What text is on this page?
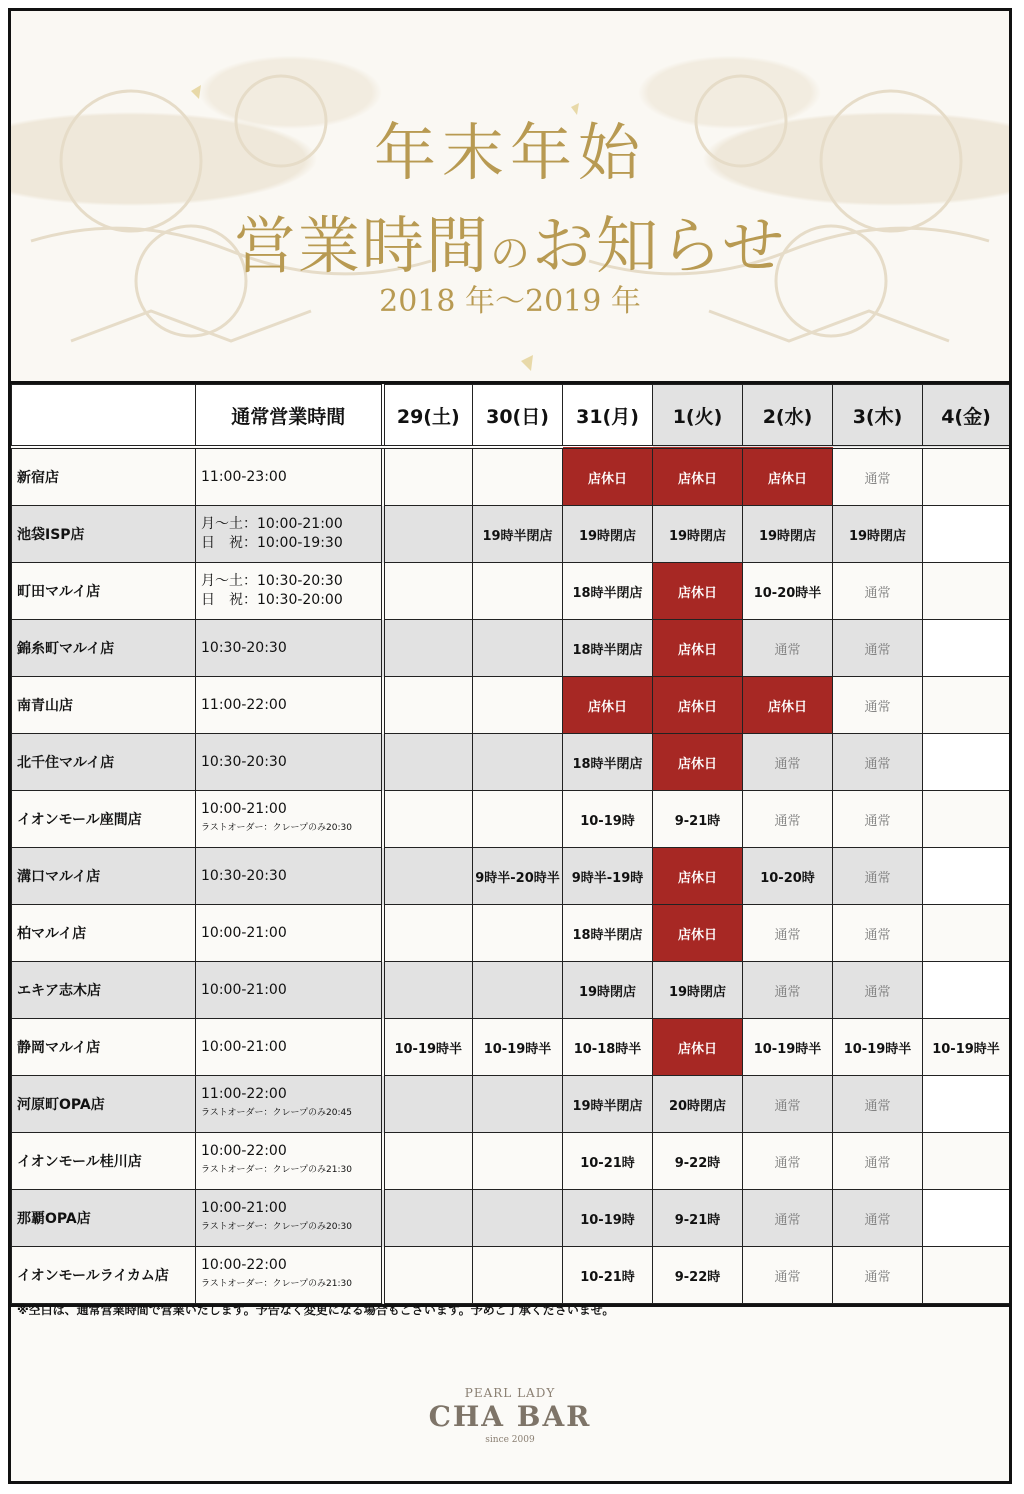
年末年始
営業時間のお知らせ
2018 年～2019 年
	通常営業時間	29(土)	30(日)	31(月)	1(火)	2(水)	3(木)	4(金)
新宿店	11:00-23:00			店休日	店休日	店休日	通常	
池袋ISP店	月～土：10:00-21:00
日　祝：10:00-19:30		19時半閉店	19時閉店	19時閉店	19時閉店	19時閉店	
町田マルイ店	月～土：10:30-20:30
日　祝：10:30-20:00			18時半閉店	店休日	10-20時半	通常	
錦糸町マルイ店	10:30-20:30			18時半閉店	店休日	通常	通常	
南青山店	11:00-22:00			店休日	店休日	店休日	通常	
北千住マルイ店	10:30-20:30			18時半閉店	店休日	通常	通常	
イオンモール座間店	10:00-21:00
ラストオーダー：クレープのみ20:30			10-19時	9-21時	通常	通常	
溝口マルイ店	10:30-20:30		9時半-20時半	9時半-19時	店休日	10-20時	通常	
柏マルイ店	10:00-21:00			18時半閉店	店休日	通常	通常	
エキア志木店	10:00-21:00			19時閉店	19時閉店	通常	通常	
静岡マルイ店	10:00-21:00	10-19時半	10-19時半	10-18時半	店休日	10-19時半	10-19時半	10-19時半
河原町OPA店	11:00-22:00
ラストオーダー：クレープのみ20:45			19時半閉店	20時閉店	通常	通常	
イオンモール桂川店	10:00-22:00
ラストオーダー：クレープのみ21:30			10-21時	9-22時	通常	通常	
那覇OPA店	10:00-21:00
ラストオーダー：クレープのみ20:30			10-19時	9-21時	通常	通常	
イオンモールライカム店	10:00-22:00
ラストオーダー：クレープのみ21:30			10-21時	9-22時	通常	通常	
※空白は、通常営業時間で営業いたします。予告なく変更になる場合もございます。予めご了承くださいませ。
PEARL LADY
CHA BAR
since 2009
